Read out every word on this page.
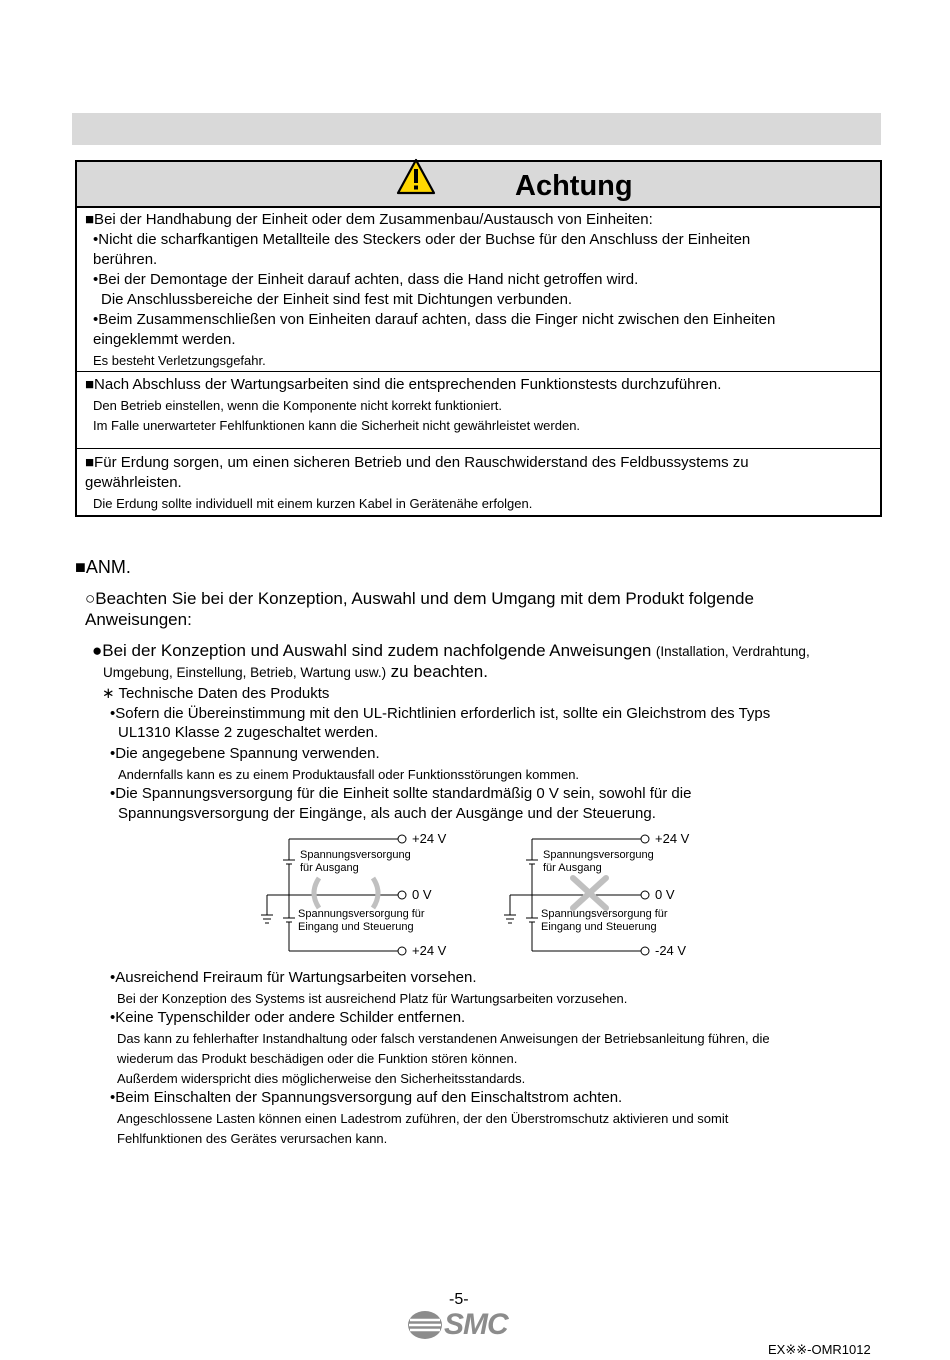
Achtung
■Bei der Handhabung der Einheit oder dem Zusammenbau/Austausch von Einheiten:
•Nicht die scharfkantigen Metallteile des Steckers oder der Buchse für den Anschluss der Einheiten
berühren.
•Bei der Demontage der Einheit darauf achten, dass die Hand nicht getroffen wird.
Die Anschlussbereiche der Einheit sind fest mit Dichtungen verbunden.
•Beim Zusammenschließen von Einheiten darauf achten, dass die Finger nicht zwischen den Einheiten
eingeklemmt werden.
Es besteht Verletzungsgefahr.
■Nach Abschluss der Wartungsarbeiten sind die entsprechenden Funktionstests durchzuführen.
Den Betrieb einstellen, wenn die Komponente nicht korrekt funktioniert.
Im Falle unerwarteter Fehlfunktionen kann die Sicherheit nicht gewährleistet werden.
■Für Erdung sorgen, um einen sicheren Betrieb und den Rauschwiderstand des Feldbussystems zu
gewährleisten.
Die Erdung sollte individuell mit einem kurzen Kabel in Gerätenähe erfolgen.
■ANM.
○Beachten Sie bei der Konzeption, Auswahl und dem Umgang mit dem Produkt folgende
Anweisungen:
●Bei der Konzeption und Auswahl sind zudem nachfolgende Anweisungen (Installation, Verdrahtung,
Umgebung, Einstellung, Betrieb, Wartung usw.) zu beachten.
∗ Technische Daten des Produkts
•Sofern die Übereinstimmung mit den UL-Richtlinien erforderlich ist, sollte ein Gleichstrom des Typs
UL1310 Klasse 2 zugeschaltet werden.
•Die angegebene Spannung verwenden.
Andernfalls kann es zu einem Produktausfall oder Funktionsstörungen kommen.
•Die Spannungsversorgung für die Einheit sollte standardmäßig 0 V sein, sowohl für die
Spannungsversorgung der Eingänge, als auch der Ausgänge und der Steuerung.
+24 V
0 V
+24 V
Spannungsversorgung
für Ausgang
Spannungsversorgung für
Eingang und Steuerung
+24 V
0 V
-24 V
Spannungsversorgung
für Ausgang
Spannungsversorgung für
Eingang und Steuerung
•Ausreichend Freiraum für Wartungsarbeiten vorsehen.
Bei der Konzeption des Systems ist ausreichend Platz für Wartungsarbeiten vorzusehen.
•Keine Typenschilder oder andere Schilder entfernen.
Das kann zu fehlerhafter Instandhaltung oder falsch verstandenen Anweisungen der Betriebsanleitung führen, die
wiederum das Produkt beschädigen oder die Funktion stören können.
Außerdem widerspricht dies möglicherweise den Sicherheitsstandards.
•Beim Einschalten der Spannungsversorgung auf den Einschaltstrom achten.
Angeschlossene Lasten können einen Ladestrom zuführen, der den Überstromschutz aktivieren und somit
Fehlfunktionen des Gerätes verursachen kann.
-5-
SMC
EX※※-OMR1012
